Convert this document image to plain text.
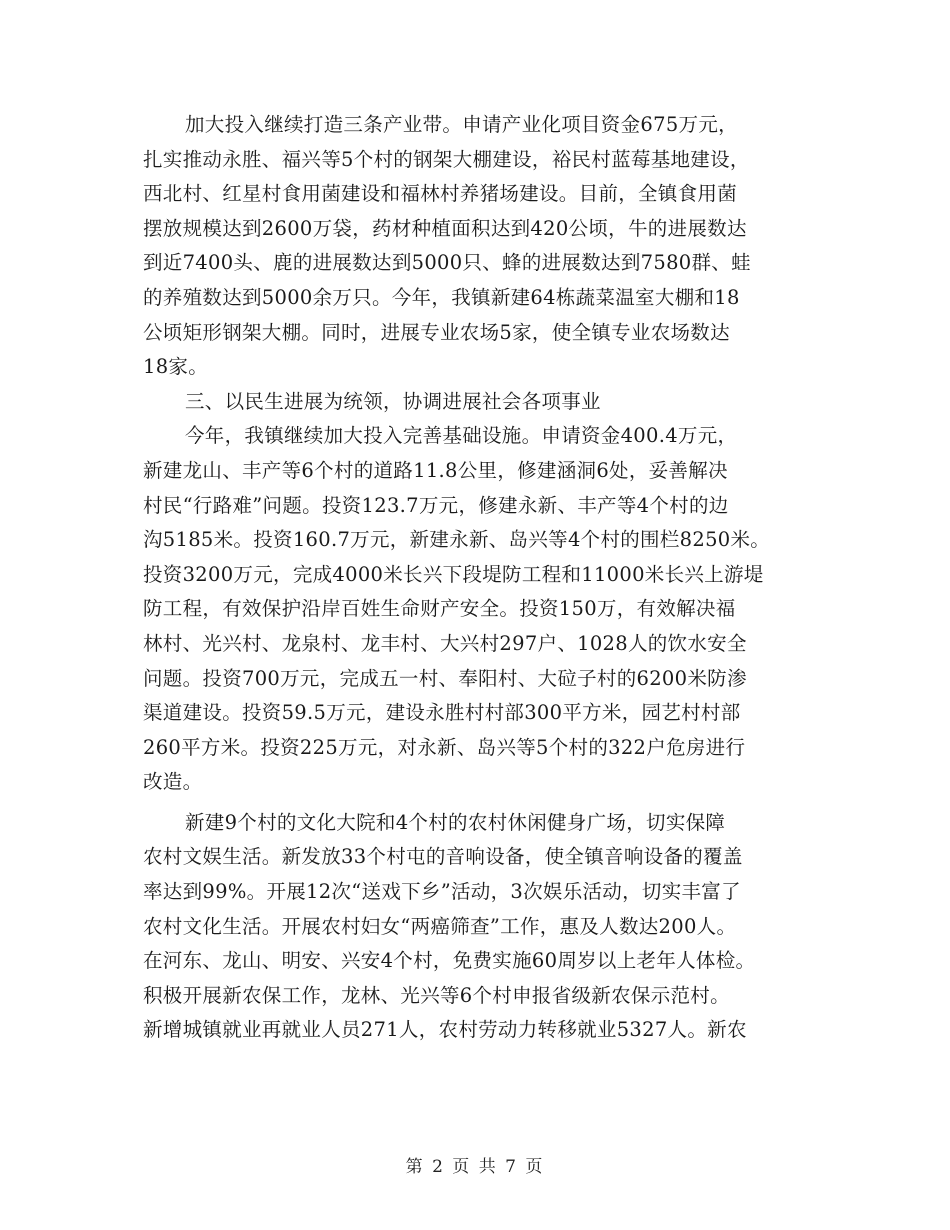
加大投入继续打造三条产业带。申请产业化项目资金675万元，
扎实推动永胜、福兴等5个村的钢架大棚建设，裕民村蓝莓基地建设，
西北村、红星村食用菌建设和福林村养猪场建设。目前，全镇食用菌
摆放规模达到2600万袋，药材种植面积达到420公顷，牛的进展数达
到近7400头、鹿的进展数达到5000只、蜂的进展数达到7580群、蛙
的养殖数达到5000余万只。今年，我镇新建64栋蔬菜温室大棚和18
公顷矩形钢架大棚。同时，进展专业农场5家，使全镇专业农场数达
18家。
三、以民生进展为统领，协调进展社会各项事业
今年，我镇继续加大投入完善基础设施。申请资金400.4万元，
新建龙山、丰产等6个村的道路11.8公里，修建涵洞6处，妥善解决
村民“行路难”问题。投资123.7万元，修建永新、丰产等4个村的边
沟5185米。投资160.7万元，新建永新、岛兴等4个村的围栏8250米。
投资3200万元，完成4000米长兴下段堤防工程和11000米长兴上游堤
防工程，有效保护沿岸百姓生命财产安全。投资150万，有效解决福
林村、光兴村、龙泉村、龙丰村、大兴村297户、1028人的饮水安全
问题。投资700万元，完成五一村、奉阳村、大砬子村的6200米防渗
渠道建设。投资59.5万元，建设永胜村村部300平方米，园艺村村部
260平方米。投资225万元，对永新、岛兴等5个村的322户危房进行
改造。
新建9个村的文化大院和4个村的农村休闲健身广场，切实保障
农村文娱生活。新发放33个村屯的音响设备，使全镇音响设备的覆盖
率达到99%。开展12次“送戏下乡”活动，3次娱乐活动，切实丰富了
农村文化生活。开展农村妇女“两癌筛查”工作，惠及人数达200人。
在河东、龙山、明安、兴安4个村，免费实施60周岁以上老年人体检。
积极开展新农保工作，龙林、光兴等6个村申报省级新农保示范村。
新增城镇就业再就业人员271人，农村劳动力转移就业5327人。新农
第 2 页 共 7 页
